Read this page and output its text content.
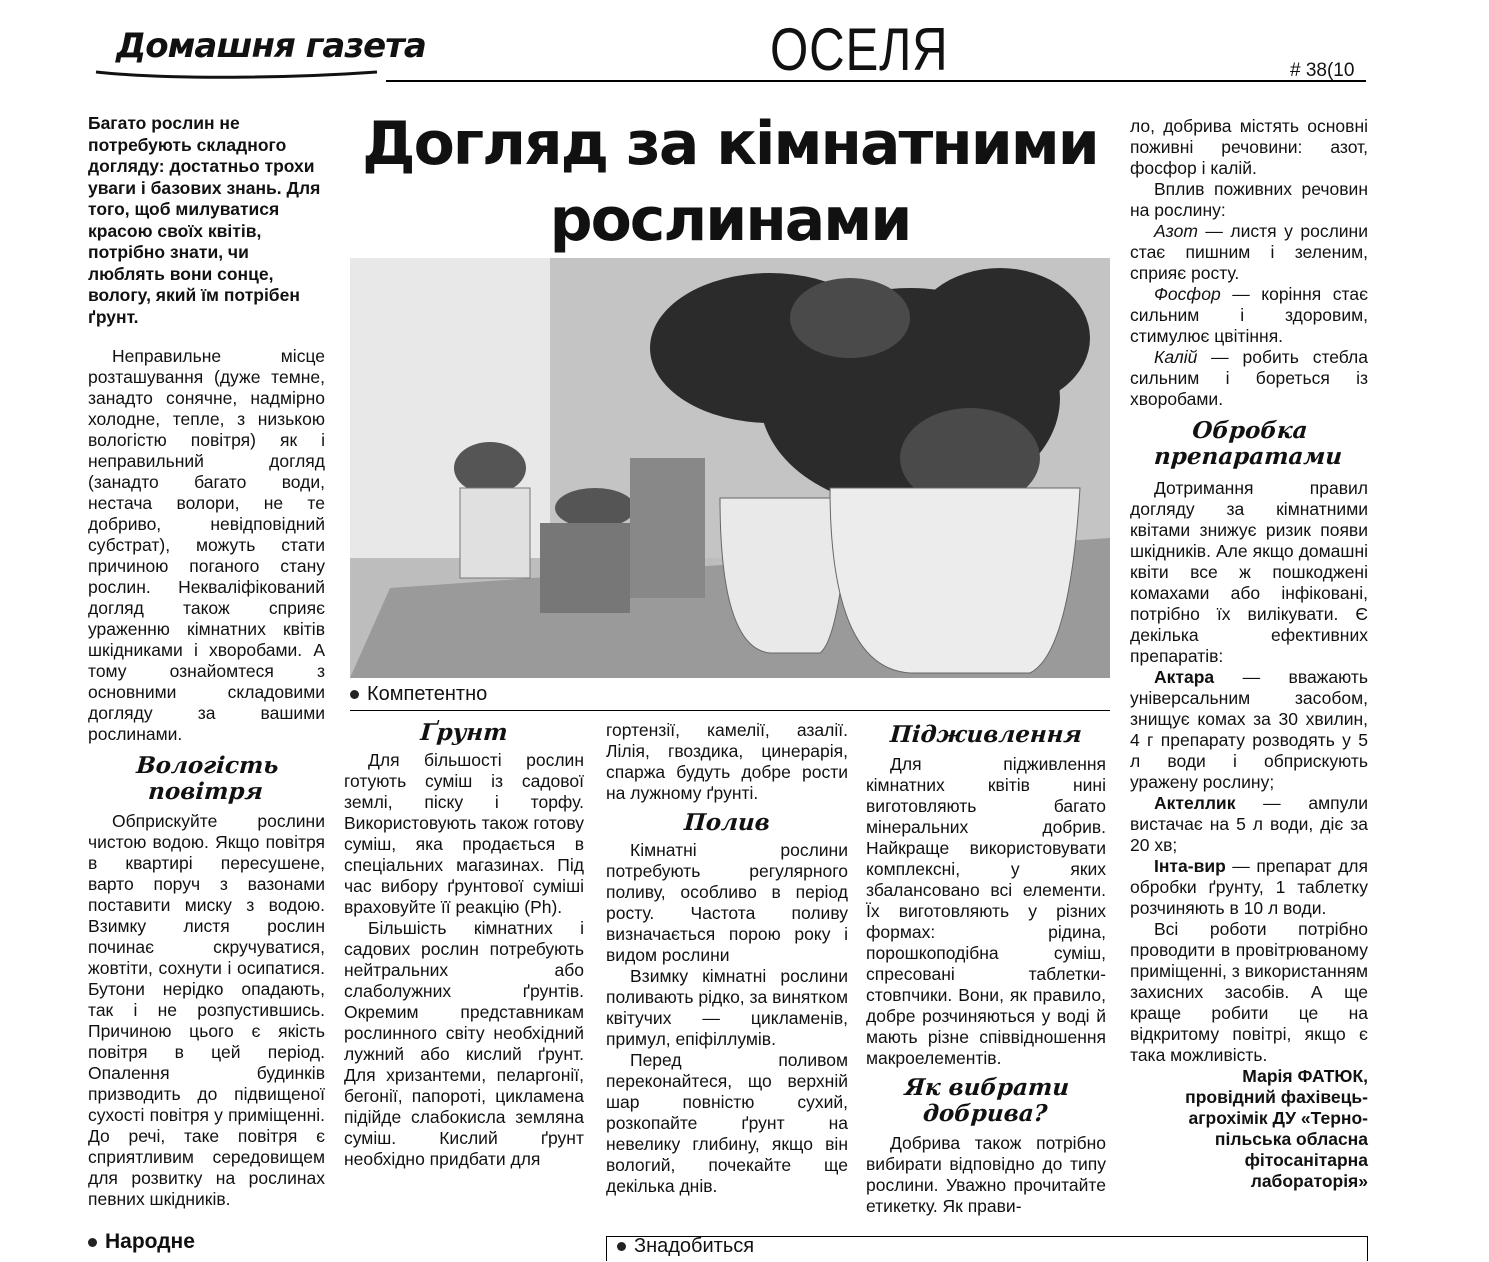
Домашня газета	ОСЕЛЯ	# 38(10
Багато рослин не потребують складного догляду: достатньо трохи уваги і базових знань. Для того, щоб милуватися красою своїх квітів, потрібно знати, чи люблять вони сонце, вологу, який їм потрібен ґрунт.
Догляд за кімнатними
рослинами
Компетентно

Неправильне місце розташування (дуже темне, занадто сонячне, надмірно холодне, тепле, з низькою вологістю повітря) як і неправильний догляд (занадто багато води, нестача волори, не те добриво, невідповідний субстрат), можуть стати причиною поганого стану рослин. Некваліфікований догляд також сприяє ураженню кімнатних квітів шкідниками і хворобами. А тому ознайомтеся з основними складовими догляду за вашими рослинами.

Вологість
повітря

Обприскуйте рослини чистою водою. Якщо повітря в квартирі пересушене, варто поруч з вазонами поставити миску з водою. Взимку листя рослин починає скручуватися, жовтіти, сохнути і осипатися. Бутони нерідко опадають, так і не розпустившись. Причиною цього є якість повітря в цей період. Опалення будинків призводить до підвищеної сухості повітря у приміщенні. До речі, таке повітря є сприятливим середовищем для розвитку на рослинах певних шкідників.

Ґрунт

Для більшості рослин готують суміш із садової землі, піску і торфу. Використовують також готову суміш, яка продається в спеціальних магазинах. Під час вибору ґрунтової суміші враховуйте її реакцію (Ph).

Більшість кімнатних і садових рослин потребують нейтральних або слаболужних ґрунтів. Окремим представникам рослинного світу необхідний лужний або кислий ґрунт. Для хризантеми, пеларгонії, бегонії, папороті, цикламена підійде слабокисла земляна суміш. Кислий ґрунт необхідно придбати для

гортензії, камелії, азалії. Лілія, гвоздика, цинерарія, спаржа будуть добре рости на лужному ґрунті.

Полив

Кімнатні рослини потребують регулярного поливу, особливо в період росту. Частота поливу визначається порою року і видом рослини

Взимку кімнатні рослини поливають рідко, за винятком квітучих — цикламенів, примул, епіфіллумів.

Перед поливом переконайтеся, що верхній шар повністю сухий, розкопайте ґрунт на невелику глибину, якщо він вологий, почекайте ще декілька днів.

Підживлення

Для підживлення кімнатних квітів нині виготовляють багато мінеральних добрив. Найкраще використовувати комплексні, у яких збалансовано всі елементи. Їх виготовляють у різних формах: рідина, порошкоподібна суміш, спресовані таблетки-стовпчики. Вони, як правило, добре розчиняються у воді й мають різне співвідношення макроелементів.

Як вибрати
добрива?

Добрива також потрібно вибирати відповідно до типу рослини. Уважно прочитайте етикетку. Як прави-

ло, добрива містять основні поживні речовини: азот, фосфор і калій.

Вплив поживних речовин на рослину:

Азот — листя у рослини стає пишним і зеленим, сприяє росту.

Фосфор — коріння стає сильним і здоровим, стимулює цвітіння.

Калій — робить стебла сильним і бореться із хворобами.

Обробка
препаратами

Дотримання правил догляду за кімнатними квітами знижує ризик появи шкідників. Але якщо домашні квіти все ж пошкоджені комахами або інфіковані, потрібно їх вилікувати. Є декілька ефективних препаратів:

Актара — вважають універсальним засобом, знищує комах за 30 хвилин, 4 г препарату розводять у 5 л води і обприскують уражену рослину;

Актеллик — ампули вистачає на 5 л води, діє за 20 хв;

Інта-вир — препарат для обробки ґрунту, 1 таблетку розчиняють в 10 л води.

Всі роботи потрібно проводити в провітрюваному приміщенні, з використанням захисних засобів. А ще краще робити це на відкритому повітрі, якщо є така можливість.

Марія ФАТЮК,
провідний фахівець-
агрохімік ДУ «Терно-
пільська обласна
фітосанітарна
лабораторія»
Народне	Знадобиться
